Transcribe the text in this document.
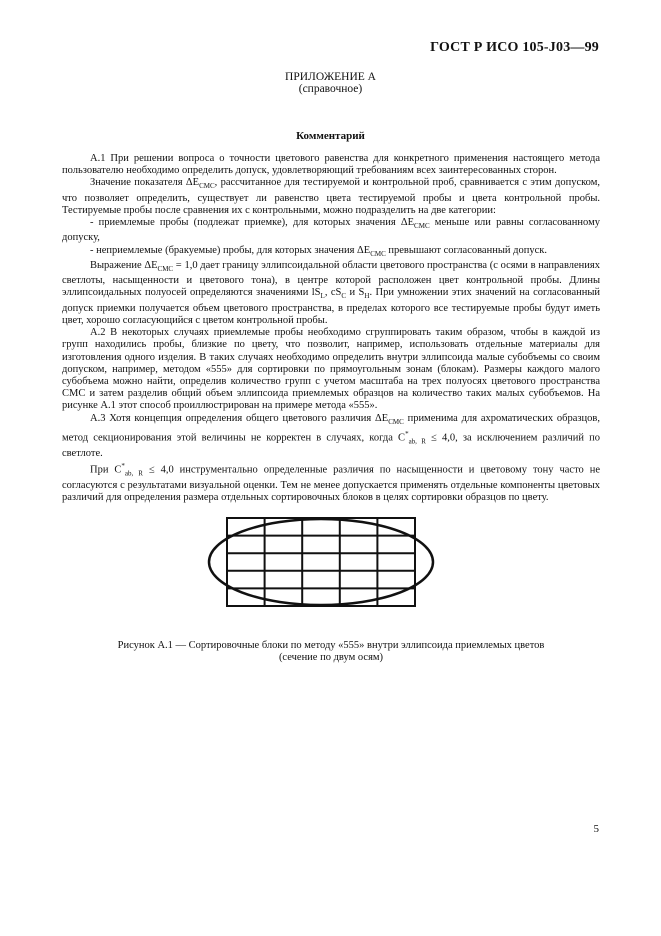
ГОСТ Р ИСО 105-J03—99
ПРИЛОЖЕНИЕ А
(справочное)
Комментарий

А.1 При решении вопроса о точности цветового равенства для конкретного применения настоящего метода пользователю необходимо определить допуск, удовлетворяющий требованиям всех заинтересованных сторон.

Значение показателя $\Delta E_{CMC}$, рассчитанное для тестируемой и контрольной проб, сравнивается с этим допуском, что позволяет определить, существует ли равенство цвета тестируемой пробы и цвета контрольной пробы. Тестируемые пробы после сравнения их с контрольными, можно подразделить на две категории:

- приемлемые пробы (подлежат приемке), для которых значения $\Delta E_{CMC}$ меньше или равны согласованному допуску,

- неприемлемые (бракуемые) пробы, для которых значения $\Delta E_{CMC}$ превышают согласованный допуск.

Выражение $\Delta E_{CMC} = 1,0$ дает границу эллипсоидальной области цветового пространства (с осями в направлениях светлоты, насыщенности и цветового тона), в центре которой расположен цвет контрольной пробы. Длины эллипсоидальных полуосей определяются значениями $lS_L$, $cS_C$ и $S_H$. При умножении этих значений на согласованный допуск приемки получается объем цветового пространства, в пределах которого все тестируемые пробы будут иметь цвет, хорошо согласующийся с цветом контрольной пробы.

А.2 В некоторых случаях приемлемые пробы необходимо сгруппировать таким образом, чтобы в каждой из групп находились пробы, близкие по цвету, что позволит, например, использовать отдельные материалы для изготовления одного изделия. В таких случаях необходимо определить внутри эллипсоида малые субобъемы со своим допуском, например, методом «555» для сортировки по прямоугольным зонам (блокам). Размеры каждого малого субобъема можно найти, определив количество групп с учетом масштаба на трех полуосях цветового пространства CMC и затем разделив общий объем эллипсоида приемлемых образцов на количество таких малых субобъемов. На рисунке А.1 этот способ проиллюстрирован на примере метода «555».

А.3 Хотя концепция определения общего цветового различия $\Delta E_{CMC}$ применима для ахроматических образцов, метод секционирования этой величины не корректен в случаях, когда $C^*_{ab, R} \le 4,0$, за исключением различий по светлоте.

При $C^*_{ab, R} \le 4,0$ инструментально определенные различия по насыщенности и цветовому тону часто не согласуются с результатами визуальной оценки. Тем не менее допускается применять отдельные компоненты цветовых различий для определения размера отдельных сортировочных блоков в целях сортировки образцов по цвету.

Рисунок А.1 — Сортировочные блоки по методу «555» внутри эллипсоида приемлемых цветов
(сечение по двум осям)
5
